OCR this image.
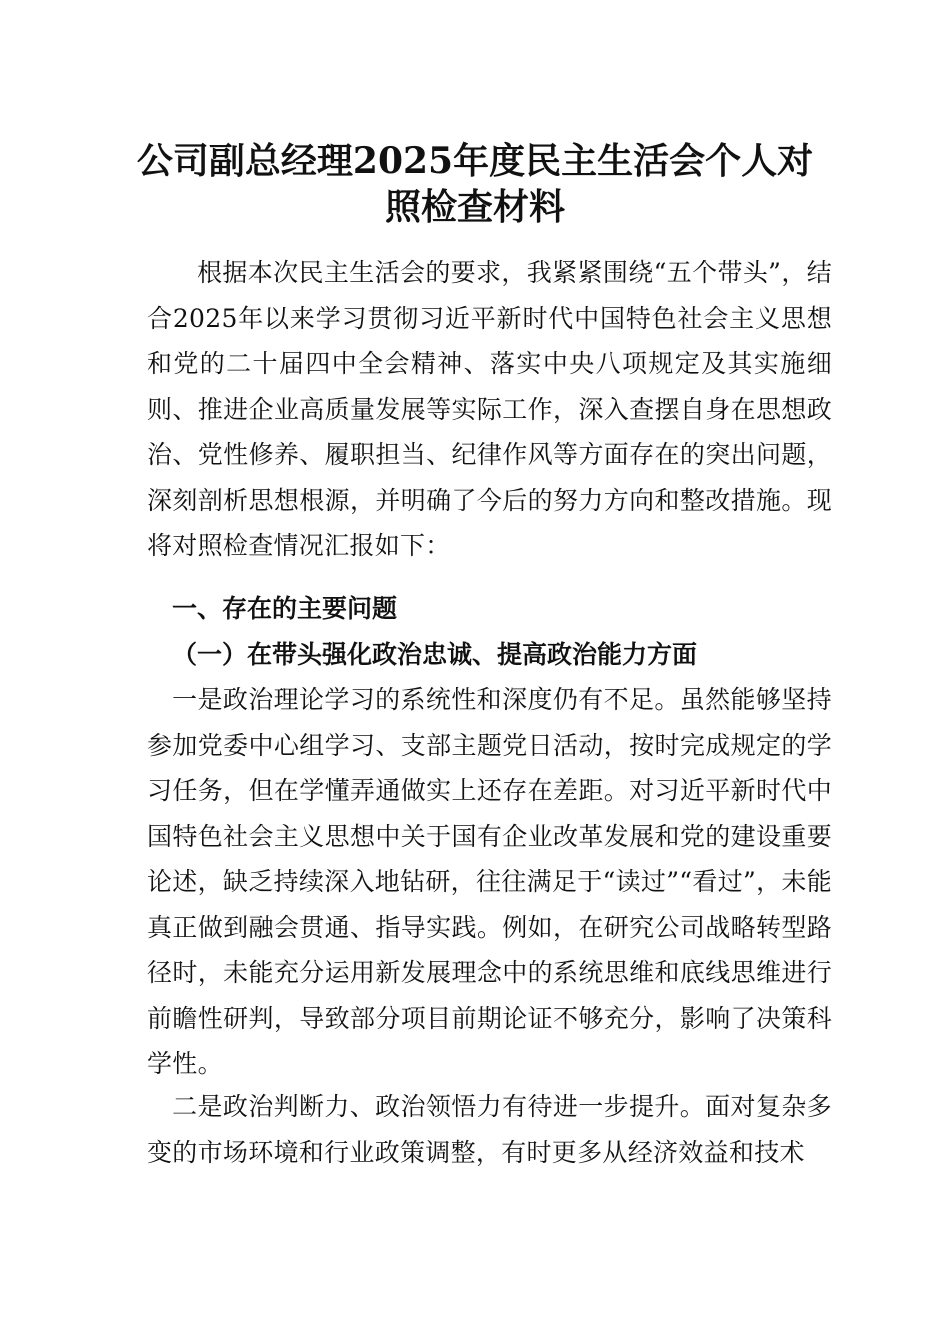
公司副总经理2025年度民主生活会个人对照检查材料

根据本次民主生活会的要求，我紧紧围绕“五个带头”，结合2025年以来学习贯彻习近平新时代中国特色社会主义思想和党的二十届四中全会精神、落实中央八项规定及其实施细则、推进企业高质量发展等实际工作，深入查摆自身在思想政治、党性修养、履职担当、纪律作风等方面存在的突出问题，深刻剖析思想根源，并明确了今后的努力方向和整改措施。现将对照检查情况汇报如下：

一、存在的主要问题
（一）在带头强化政治忠诚、提高政治能力方面

一是政治理论学习的系统性和深度仍有不足。虽然能够坚持参加党委中心组学习、支部主题党日活动，按时完成规定的学习任务，但在学懂弄通做实上还存在差距。对习近平新时代中国特色社会主义思想中关于国有企业改革发展和党的建设重要论述，缺乏持续深入地钻研，往往满足于“读过”“看过”，未能真正做到融会贯通、指导实践。例如，在研究公司战略转型路径时，未能充分运用新发展理念中的系统思维和底线思维进行前瞻性研判，导致部分项目前期论证不够充分，影响了决策科学性。

二是政治判断力、政治领悟力有待进一步提升。面对复杂多变的市场环境和行业政策调整，有时更多从经济效益和技术
